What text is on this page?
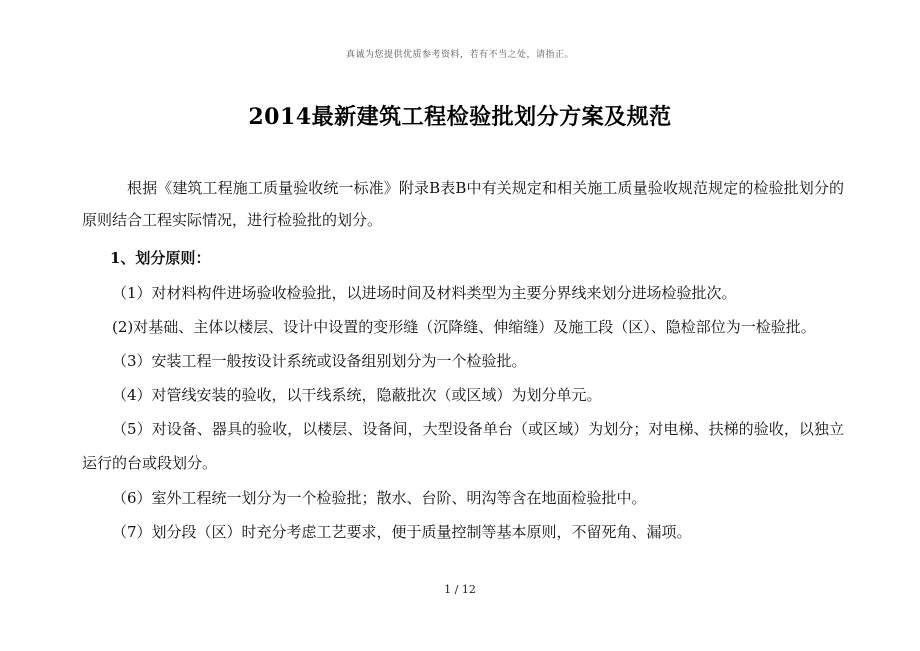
真诚为您提供优质参考资料，若有不当之处，请指正。
2014最新建筑工程检验批划分方案及规范
根据《建筑工程施工质量验收统一标准》附录B表B中有关规定和相关施工质量验收规范规定的检验批划分的原则结合工程实际情况，进行检验批的划分。
1、划分原则：
（1）对材料构件进场验收检验批，以进场时间及材料类型为主要分界线来划分进场检验批次。
(2)对基础、主体以楼层、设计中设置的变形缝（沉降缝、伸缩缝）及施工段（区）、隐检部位为一检验批。
（3）安装工程一般按设计系统或设备组别划分为一个检验批。
（4）对管线安装的验收，以干线系统，隐蔽批次（或区域）为划分单元。
（5）对设备、器具的验收，以楼层、设备间，大型设备单台（或区域）为划分；对电梯、扶梯的验收，以独立运行的台或段划分。
（6）室外工程统一划分为一个检验批；散水、台阶、明沟等含在地面检验批中。
（7）划分段（区）时充分考虑工艺要求，便于质量控制等基本原则，不留死角、漏项。
1 / 12
